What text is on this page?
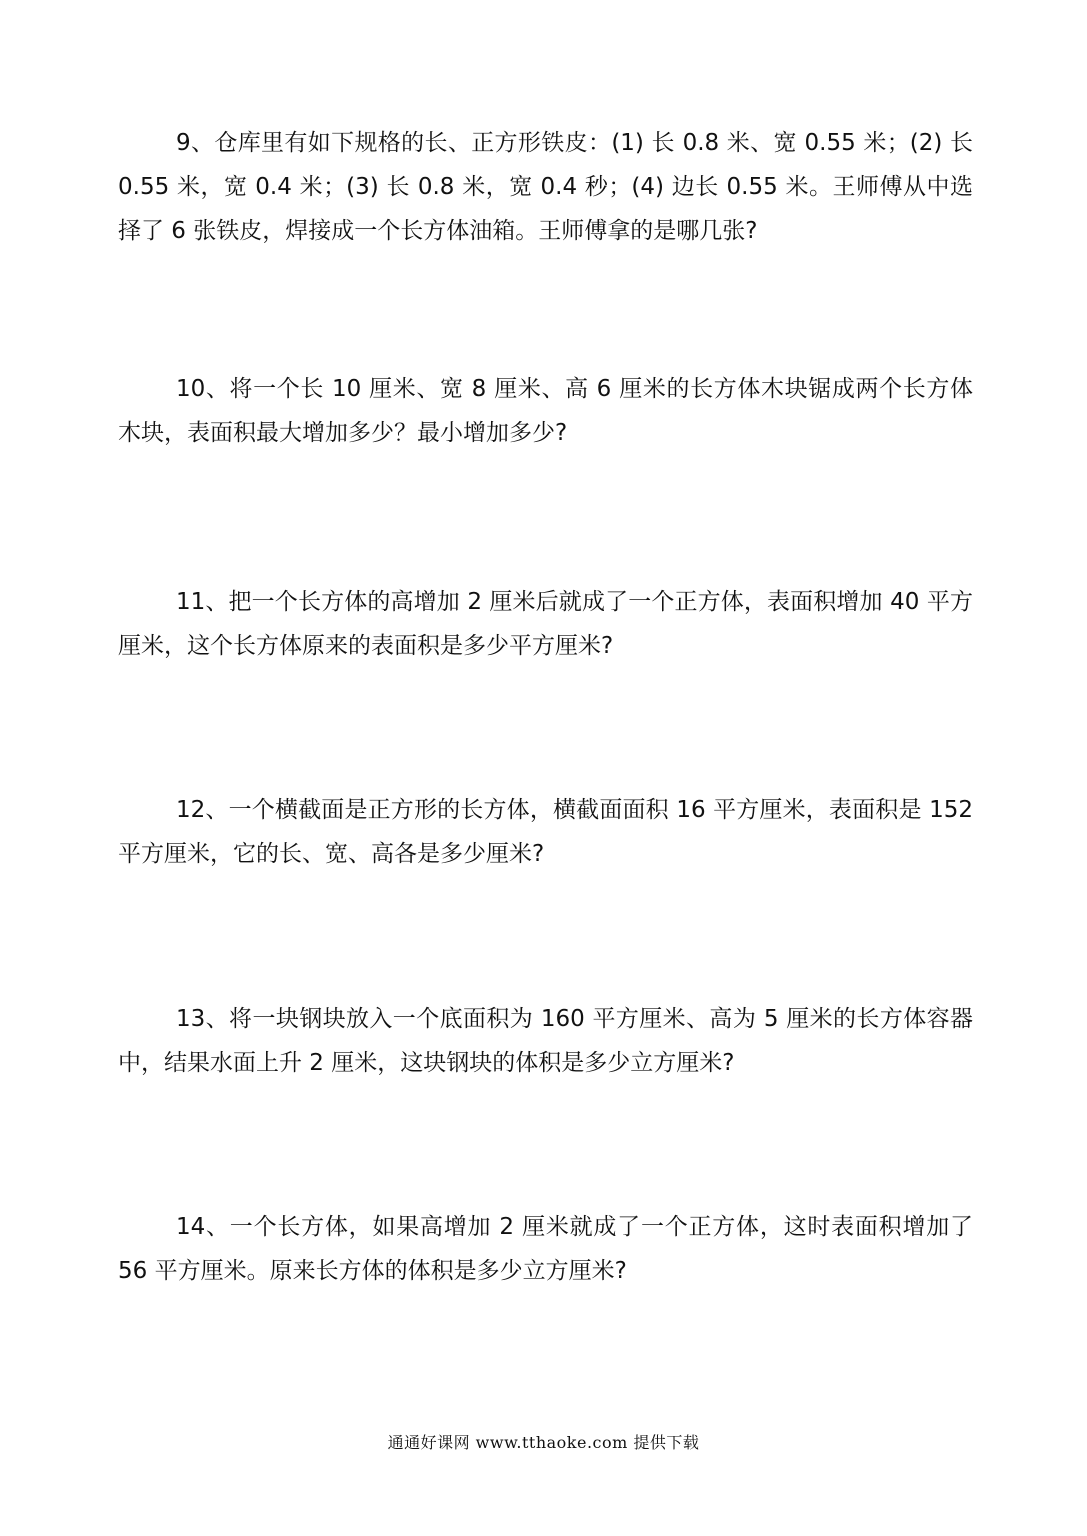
9、仓库里有如下规格的长、正方形铁皮：(1) 长 0.8 米、宽 0.55 米；(2) 长 0.55 米，宽 0.4 米；(3) 长 0.8 米，宽 0.4 秒；(4) 边长 0.55 米。王师傅从中选择了 6 张铁皮，焊接成一个长方体油箱。王师傅拿的是哪几张?

10、将一个长 10 厘米、宽 8 厘米、高 6 厘米的长方体木块锯成两个长方体木块，表面积最大增加多少？最小增加多少?

11、把一个长方体的高增加 2 厘米后就成了一个正方体，表面积增加 40 平方厘米，这个长方体原来的表面积是多少平方厘米?

12、一个横截面是正方形的长方体，横截面面积 16 平方厘米，表面积是 152 平方厘米，它的长、宽、高各是多少厘米?

13、将一块钢块放入一个底面积为 160 平方厘米、高为 5 厘米的长方体容器中，结果水面上升 2 厘米，这块钢块的体积是多少立方厘米?

14、一个长方体，如果高增加 2 厘米就成了一个正方体，这时表面积增加了 56 平方厘米。原来长方体的体积是多少立方厘米?

通通好课网 www.tthaoke.com 提供下载
